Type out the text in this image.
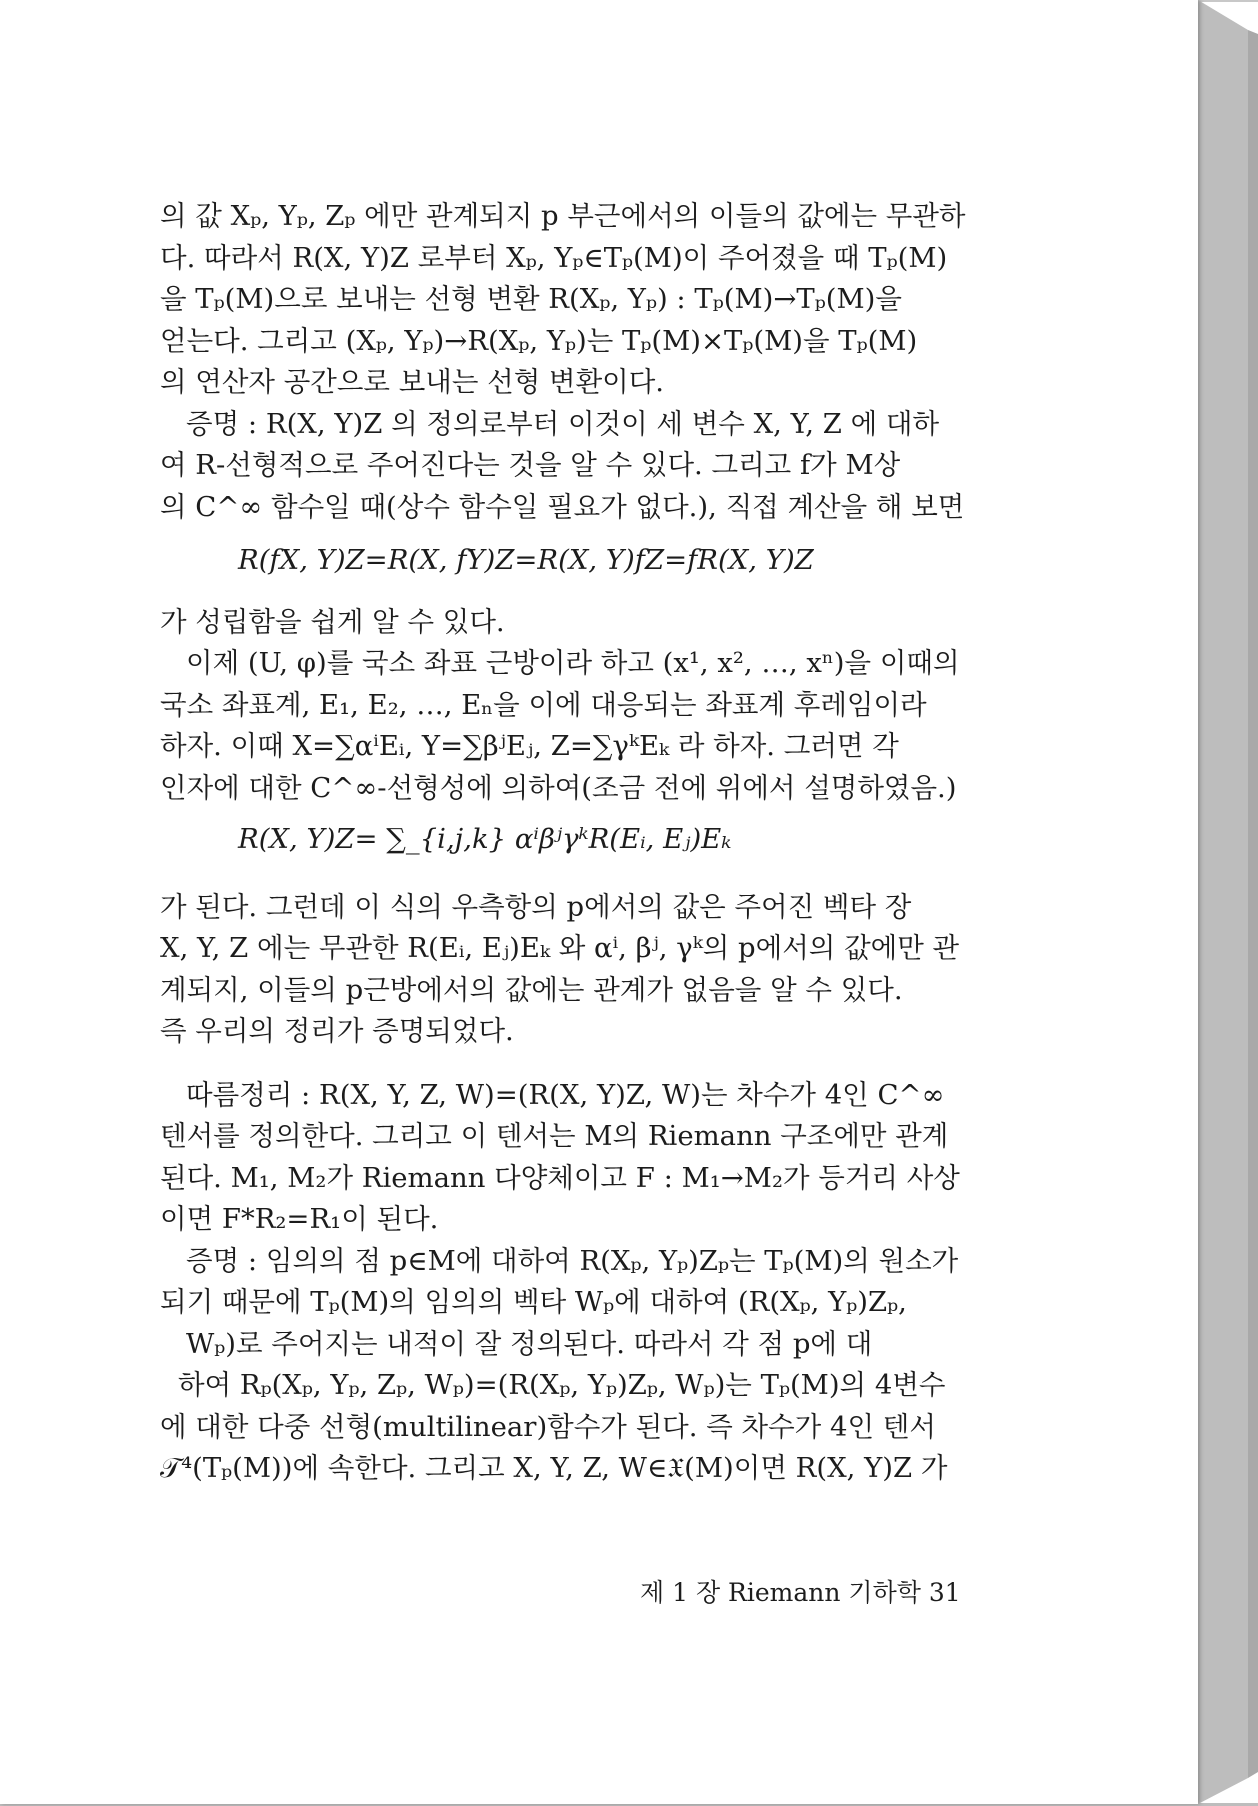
의 값 Xₚ, Yₚ, Zₚ 에만 관계되지 p 부근에서의 이들의 값에는 무관하
다. 따라서 R(X, Y)Z 로부터 Xₚ, Yₚ∈Tₚ(M)이 주어졌을 때 Tₚ(M)
을 Tₚ(M)으로 보내는 선형 변환 R(Xₚ, Yₚ) : Tₚ(M)→Tₚ(M)을
얻는다. 그리고 (Xₚ, Yₚ)→R(Xₚ, Yₚ)는 Tₚ(M)×Tₚ(M)을 Tₚ(M)
의 연산자 공간으로 보내는 선형 변환이다.
증명 : R(X, Y)Z 의 정의로부터 이것이 세 변수 X, Y, Z 에 대하
여 R-선형적으로 주어진다는 것을 알 수 있다. 그리고 f가 M상
의 C^∞ 함수일 때(상수 함수일 필요가 없다.), 직접 계산을 해 보면
R(fX, Y)Z=R(X, fY)Z=R(X, Y)fZ=fR(X, Y)Z
가 성립함을 쉽게 알 수 있다.
이제 (U, φ)를 국소 좌표 근방이라 하고 (x¹, x², …, xⁿ)을 이때의
국소 좌표계, E₁, E₂, …, Eₙ을 이에 대응되는 좌표계 후레임이라
하자. 이때 X=∑αⁱEᵢ, Y=∑βʲEⱼ, Z=∑γᵏEₖ 라 하자. 그러면 각
인자에 대한 C^∞-선형성에 의하여(조금 전에 위에서 설명하였음.)
R(X, Y)Z= ∑_{i,j,k} αⁱβʲγᵏR(Eᵢ, Eⱼ)Eₖ
가 된다. 그런데 이 식의 우측항의 p에서의 값은 주어진 벡타 장
X, Y, Z 에는 무관한 R(Eᵢ, Eⱼ)Eₖ 와 αⁱ, βʲ, γᵏ의 p에서의 값에만 관
계되지, 이들의 p근방에서의 값에는 관계가 없음을 알 수 있다.
즉 우리의 정리가 증명되었다.
따름정리 : R(X, Y, Z, W)=(R(X, Y)Z, W)는 차수가 4인 C^∞
텐서를 정의한다. 그리고 이 텐서는 M의 Riemann 구조에만 관계
된다. M₁, M₂가 Riemann 다양체이고 F : M₁→M₂가 등거리 사상
이면 F*R₂=R₁이 된다.
증명 : 임의의 점 p∈M에 대하여 R(Xₚ, Yₚ)Zₚ는 Tₚ(M)의 원소가
되기 때문에 Tₚ(M)의 임의의 벡타 Wₚ에 대하여 (R(Xₚ, Yₚ)Zₚ,
Wₚ)로 주어지는 내적이 잘 정의된다. 따라서 각 점 p에 대
하여 Rₚ(Xₚ, Yₚ, Zₚ, Wₚ)=(R(Xₚ, Yₚ)Zₚ, Wₚ)는 Tₚ(M)의 4변수
에 대한 다중 선형(multilinear)함수가 된다. 즉 차수가 4인 텐서
𝒯⁴(Tₚ(M))에 속한다. 그리고 X, Y, Z, W∈𝔛(M)이면 R(X, Y)Z 가
제 1 장 Riemann 기하학 31
